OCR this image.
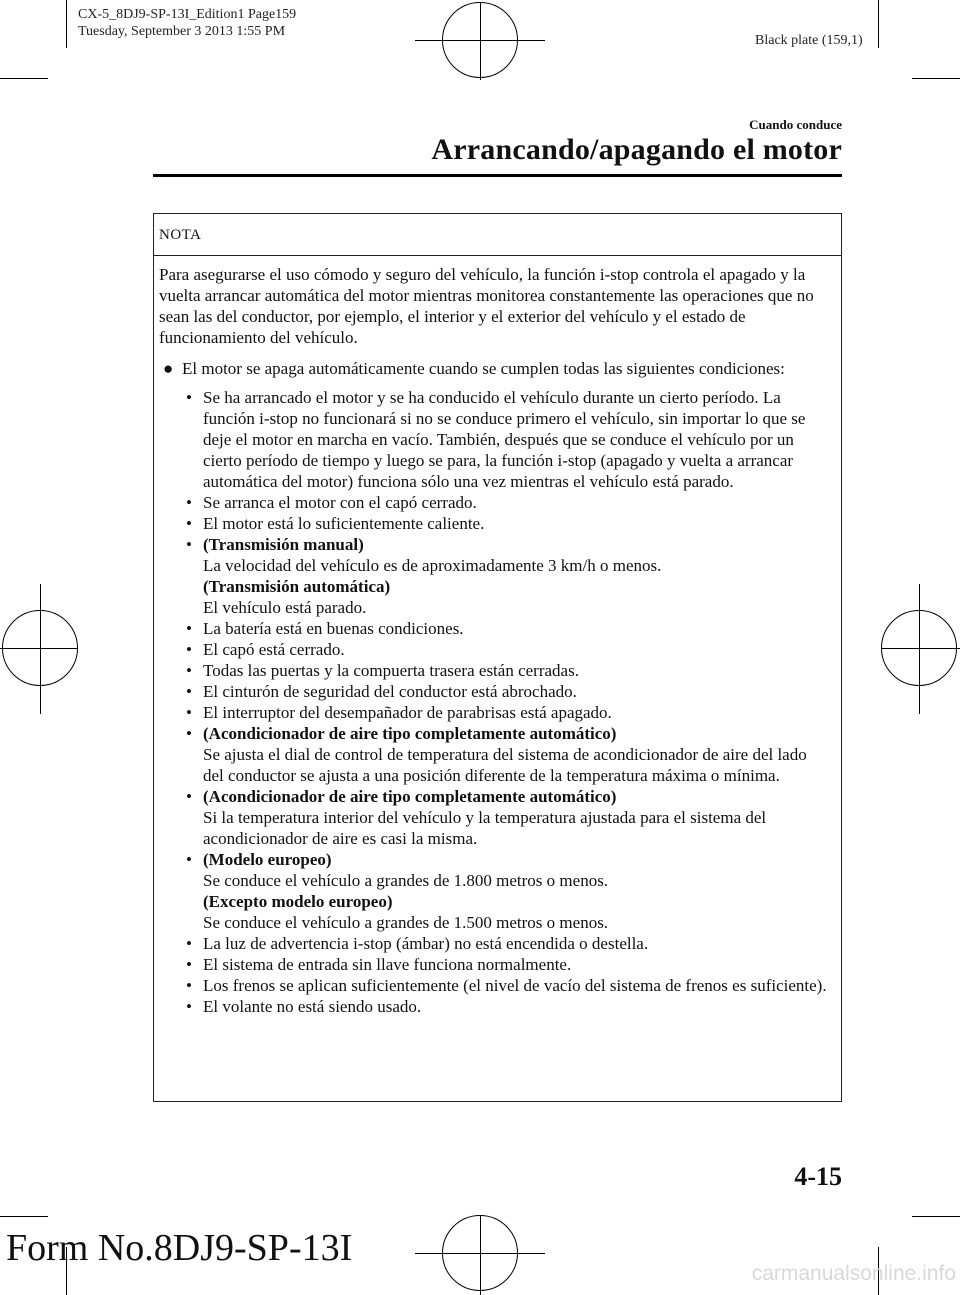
CX-5_8DJ9-SP-13I_Edition1 Page159
Tuesday, September 3 2013 1:55 PM
Black plate (159,1)
Cuando conduce
Arrancando/apagando el motor
NOTA

Para asegurarse el uso cómodo y seguro del vehículo, la función i-stop controla el apagado y la vuelta arrancar automática del motor mientras monitorea constantemente las operaciones que no sean las del conductor, por ejemplo, el interior y el exterior del vehículo y el estado de funcionamiento del vehículo.

● El motor se apaga automáticamente cuando se cumplen todas las siguientes condiciones:
• Se ha arrancado el motor y se ha conducido el vehículo durante un cierto período. La función i-stop no funcionará si no se conduce primero el vehículo, sin importar lo que se deje el motor en marcha en vacío. También, después que se conduce el vehículo por un cierto período de tiempo y luego se para, la función i-stop (apagado y vuelta a arrancar automática del motor) funciona sólo una vez mientras el vehículo está parado.
• Se arranca el motor con el capó cerrado.
• El motor está lo suficientemente caliente.
• (Transmisión manual)
La velocidad del vehículo es de aproximadamente 3 km/h o menos.
(Transmisión automática)
El vehículo está parado.
• La batería está en buenas condiciones.
• El capó está cerrado.
• Todas las puertas y la compuerta trasera están cerradas.
• El cinturón de seguridad del conductor está abrochado.
• El interruptor del desempañador de parabrisas está apagado.
• (Acondicionador de aire tipo completamente automático)
Se ajusta el dial de control de temperatura del sistema de acondicionador de aire del lado del conductor se ajusta a una posición diferente de la temperatura máxima o mínima.
• (Acondicionador de aire tipo completamente automático)
Si la temperatura interior del vehículo y la temperatura ajustada para el sistema del acondicionador de aire es casi la misma.
• (Modelo europeo)
Se conduce el vehículo a grandes de 1.800 metros o menos.
(Excepto modelo europeo)
Se conduce el vehículo a grandes de 1.500 metros o menos.
• La luz de advertencia i-stop (ámbar) no está encendida o destella.
• El sistema de entrada sin llave funciona normalmente.
• Los frenos se aplican suficientemente (el nivel de vacío del sistema de frenos es suficiente).
• El volante no está siendo usado.
4-15
Form No.8DJ9-SP-13I
carmanualsonline.info
